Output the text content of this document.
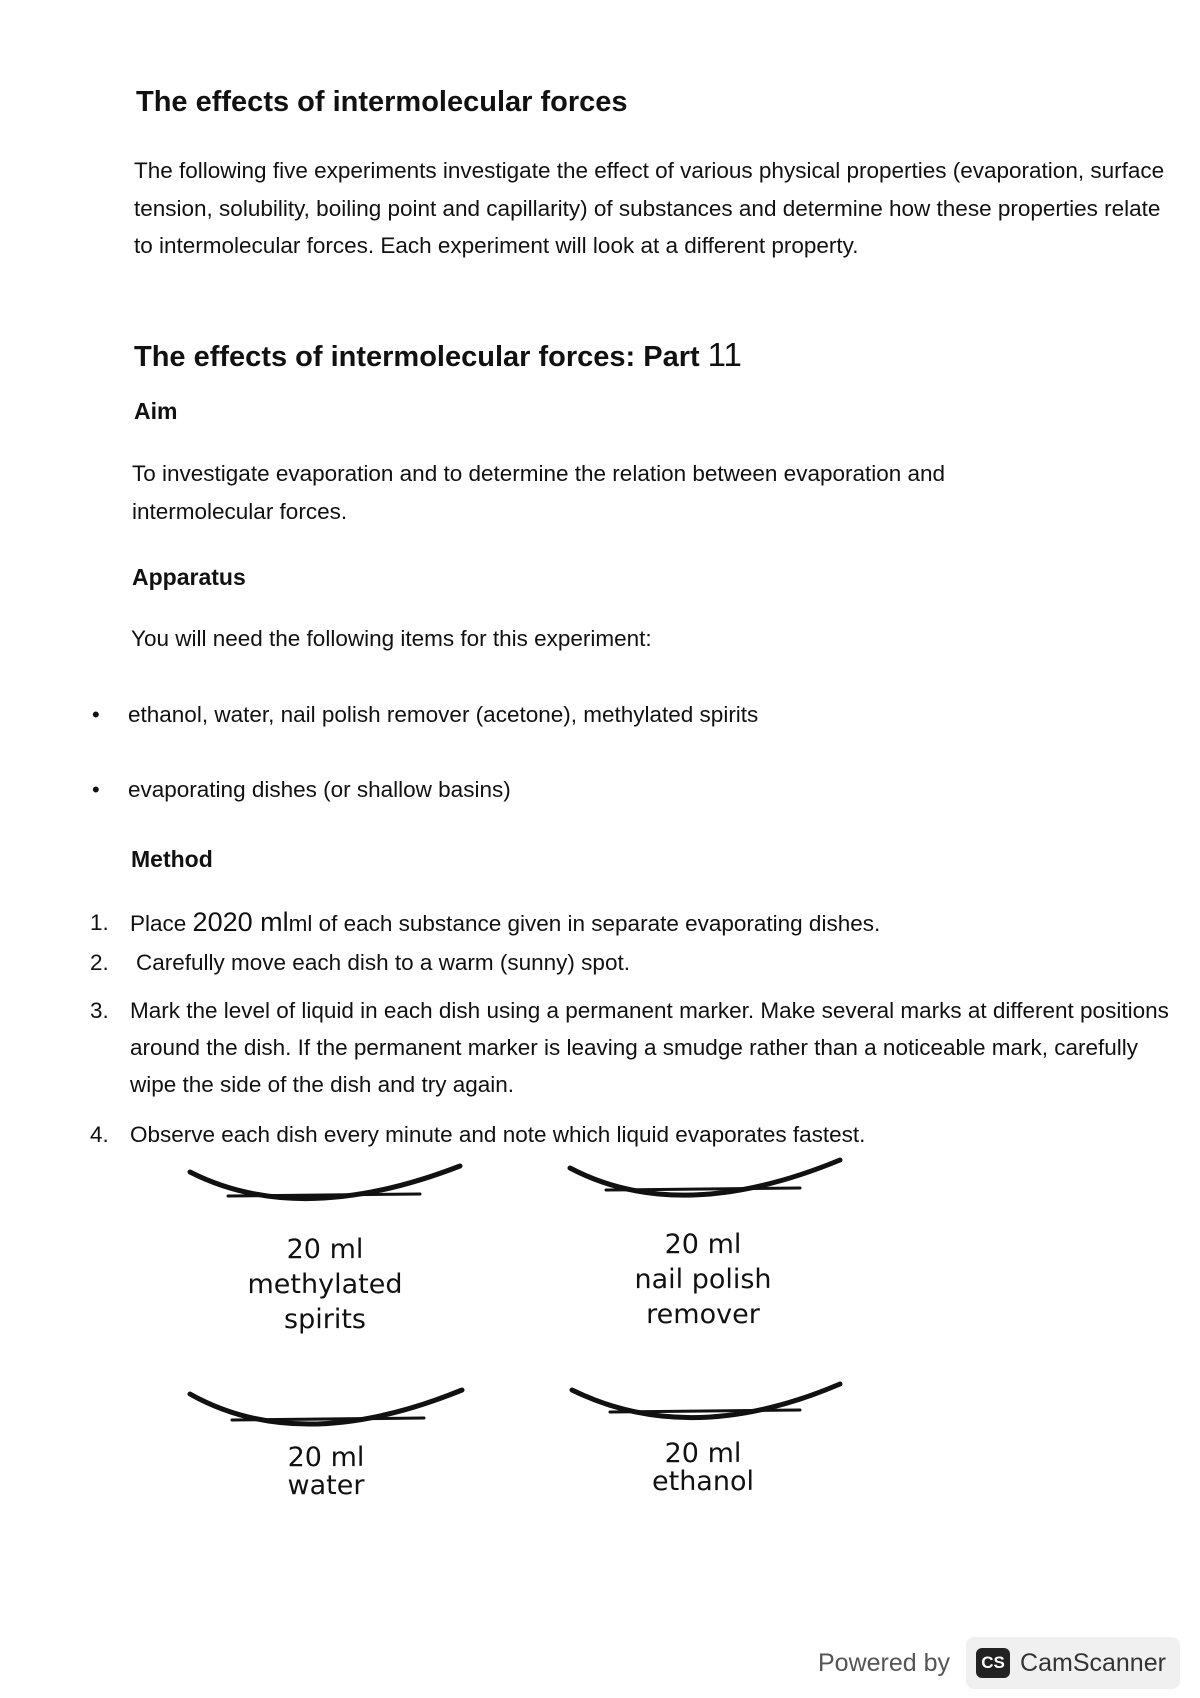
The effects of intermolecular forces

The following five experiments investigate the effect of various physical properties (evaporation, surface tension, solubility, boiling point and capillarity) of substances and determine how these properties relate to intermolecular forces. Each experiment will look at a different property.

The effects of intermolecular forces: Part 11
Aim

To investigate evaporation and to determine the relation between evaporation and intermolecular forces.

Apparatus

You will need the following items for this experiment:

• ethanol, water, nail polish remover (acetone), methylated spirits
• evaporating dishes (or shallow basins)
Method
1. Place 2020 mlml of each substance given in separate evaporating dishes.
2. Carefully move each dish to a warm (sunny) spot.
3. Mark the level of liquid in each dish using a permanent marker. Make several marks at different positions around the dish. If the permanent marker is leaving a smudge rather than a noticeable mark, carefully wipe the side of the dish and try again.
4. Observe each dish every minute and note which liquid evaporates fastest.
20 ml
methylated
spirits
20 ml
nail polish
remover
20 ml
water
20 ml
ethanol
Powered by	CS CamScanner
